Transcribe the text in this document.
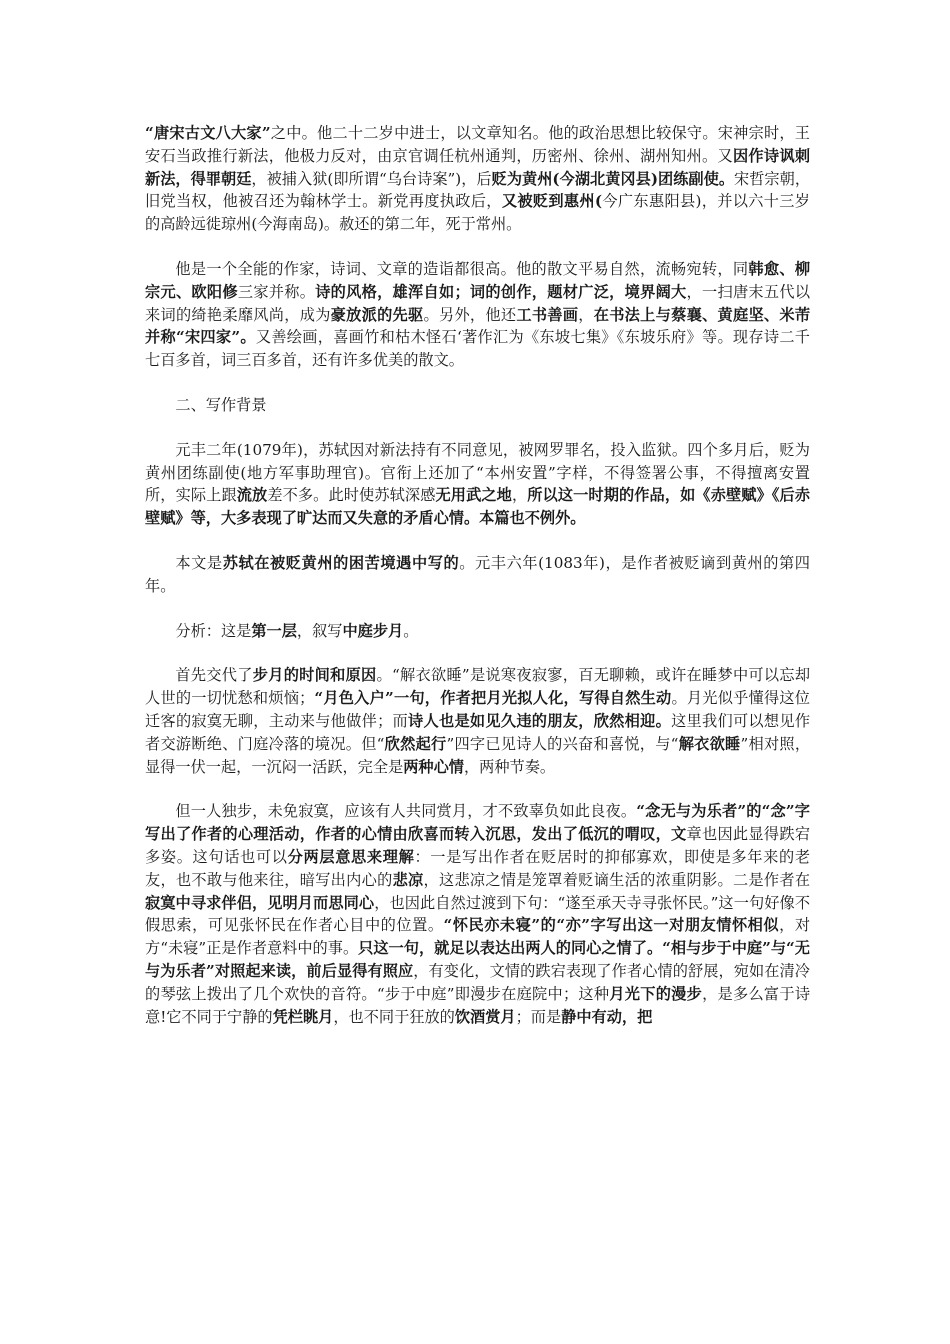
“唐宋古文八大家”之中。他二十二岁中进士，以文章知名。他的政治思想比较保守。宋神宗时，王安石当政推行新法，他极力反对，由京官调任杭州通判，历密州、徐州、湖州知州。又因作诗讽刺新法，得罪朝廷，被捕入狱(即所谓“乌台诗案”)，后贬为黄州(今湖北黄冈县)团练副使。宋哲宗朝，旧党当权，他被召还为翰林学士。新党再度执政后，又被贬到惠州(今广东惠阳县)，并以六十三岁的高龄远徙琼州(今海南岛)。赦还的第二年，死于常州。

他是一个全能的作家，诗词、文章的造诣都很高。他的散文平易自然，流畅宛转，同韩愈、柳宗元、欧阳修三家并称。诗的风格，雄浑自如；词的创作，题材广泛，境界阔大，一扫唐末五代以来词的绮艳柔靡风尚，成为豪放派的先驱。另外，他还工书善画，在书法上与蔡襄、黄庭坚、米芾并称“宋四家”。又善绘画，喜画竹和枯木怪石‘著作汇为《东坡七集》《东坡乐府》等。现存诗二千七百多首，词三百多首，还有许多优美的散文。

二、写作背景

元丰二年(1079年)，苏轼因对新法持有不同意见，被网罗罪名，投入监狱。四个多月后，贬为黄州团练副使(地方军事助理官)。官衔上还加了“本州安置”字样，不得签署公事，不得擅离安置所，实际上跟流放差不多。此时使苏轼深感无用武之地，所以这一时期的作品，如《赤壁赋》《后赤壁赋》等，大多表现了旷达而又失意的矛盾心情。本篇也不例外。

本文是苏轼在被贬黄州的困苦境遇中写的。元丰六年(1083年)，是作者被贬谪到黄州的第四年。

分析：这是第一层，叙写中庭步月。

首先交代了步月的时间和原因。“解衣欲睡”是说寒夜寂寥，百无聊赖，或许在睡梦中可以忘却人世的一切忧愁和烦恼；“月色入户”一句，作者把月光拟人化，写得自然生动。月光似乎懂得这位迁客的寂寞无聊，主动来与他做伴；而诗人也是如见久违的朋友，欣然相迎。这里我们可以想见作者交游断绝、门庭冷落的境况。但“欣然起行”四字已见诗人的兴奋和喜悦，与“解衣欲睡”相对照，显得一伏一起，一沉闷一活跃，完全是两种心情，两种节奏。

但一人独步，未免寂寞，应该有人共同赏月，才不致辜负如此良夜。“念无与为乐者”的“念”字写出了作者的心理活动，作者的心情由欣喜而转入沉思，发出了低沉的喟叹，文章也因此显得跌宕多姿。这句话也可以分两层意思来理解：一是写出作者在贬居时的抑郁寡欢，即使是多年来的老友，也不敢与他来往，暗写出内心的悲凉，这悲凉之情是笼罩着贬谪生活的浓重阴影。二是作者在寂寞中寻求伴侣，见明月而思同心，也因此自然过渡到下句：“遂至承天寺寻张怀民。”这一句好像不假思索，可见张怀民在作者心目中的位置。“怀民亦未寝”的“亦”字写出这一对朋友情怀相似，对方“未寝”正是作者意料中的事。只这一句，就足以表达出两人的同心之情了。“相与步于中庭”与“无与为乐者”对照起来读，前后显得有照应，有变化，文情的跌宕表现了作者心情的舒展，宛如在清冷的琴弦上拨出了几个欢快的音符。“步于中庭”即漫步在庭院中；这种月光下的漫步，是多么富于诗意!它不同于宁静的凭栏眺月，也不同于狂放的饮酒赏月；而是静中有动，把
